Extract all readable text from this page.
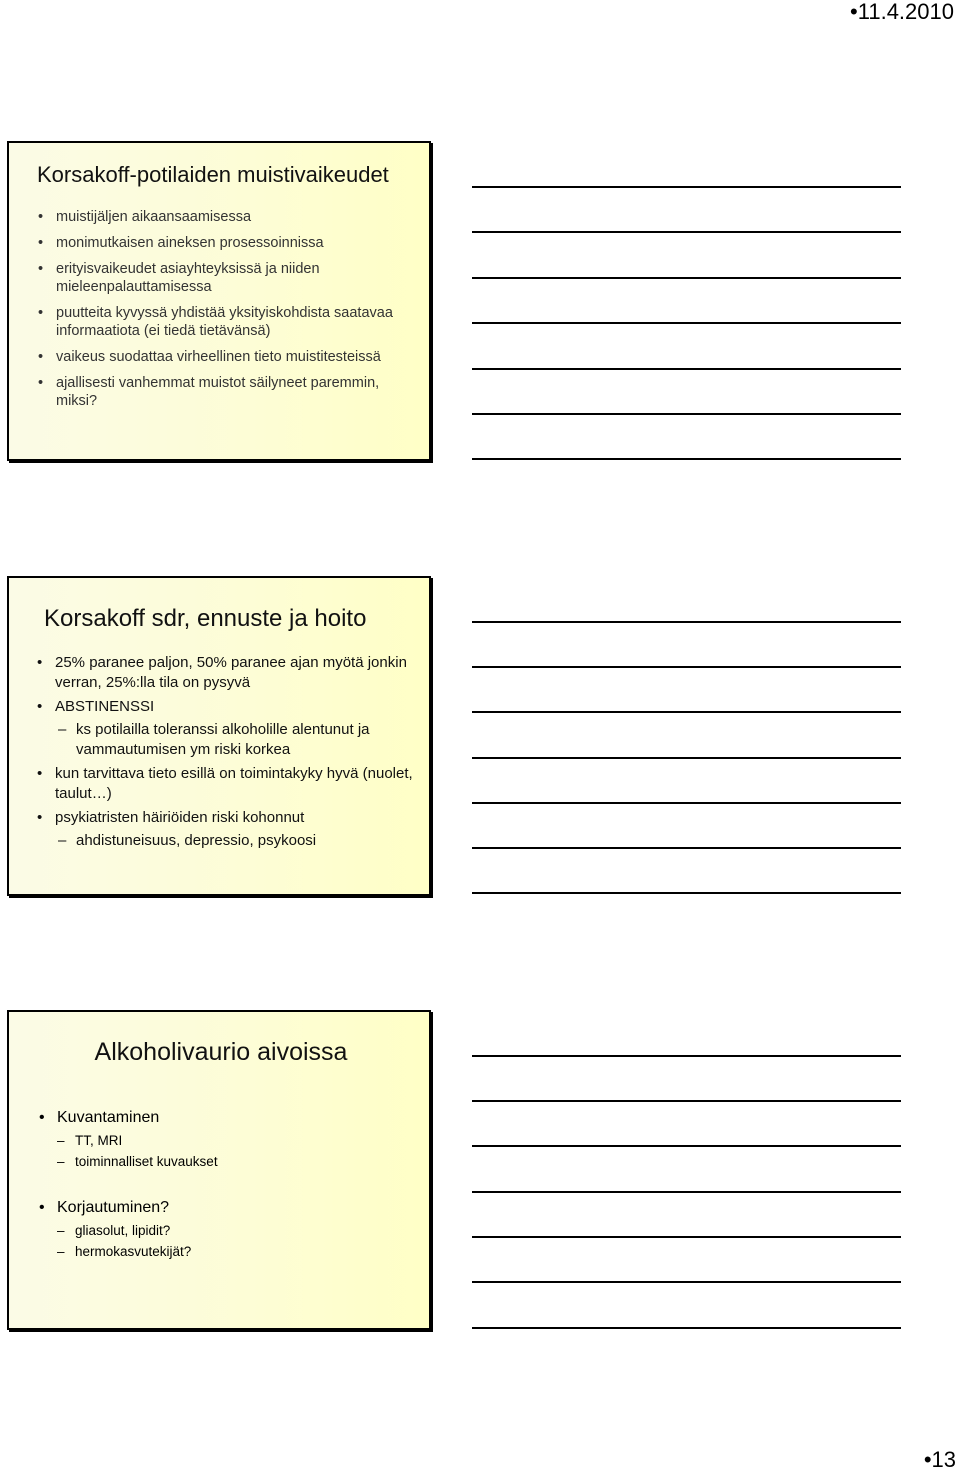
•11.4.2010
Korsakoff-potilaiden muistivaikeudet
• muistijäljen aikaansaamisessa
• monimutkaisen aineksen prosessoinnissa
• erityisvaikeudet asiayhteyksissä ja niiden mieleenpalauttamisessa
• puutteita kyvyssä yhdistää yksityiskohdista saatavaa informaatiota (ei tiedä tietävänsä)
• vaikeus suodattaa virheellinen tieto muistitesteissä
• ajallisesti vanhemmat muistot säilyneet paremmin, miksi?
Korsakoff sdr, ennuste ja hoito
• 25% paranee paljon, 50% paranee ajan myötä jonkin verran, 25%:lla tila on pysyvä
• ABSTINENSSI
– ks potilailla toleranssi alkoholille alentunut ja vammautumisen ym riski korkea
• kun tarvittava tieto esillä on toimintakyky hyvä (nuolet, taulut…)
• psykiatristen häiriöiden riski kohonnut
– ahdistuneisuus, depressio, psykoosi
Alkoholivaurio aivoissa
• Kuvantaminen
– TT, MRI
– toiminnalliset kuvaukset
• Korjautuminen?
– gliasolut, lipidit?
– hermokasvutekijät?
•13
